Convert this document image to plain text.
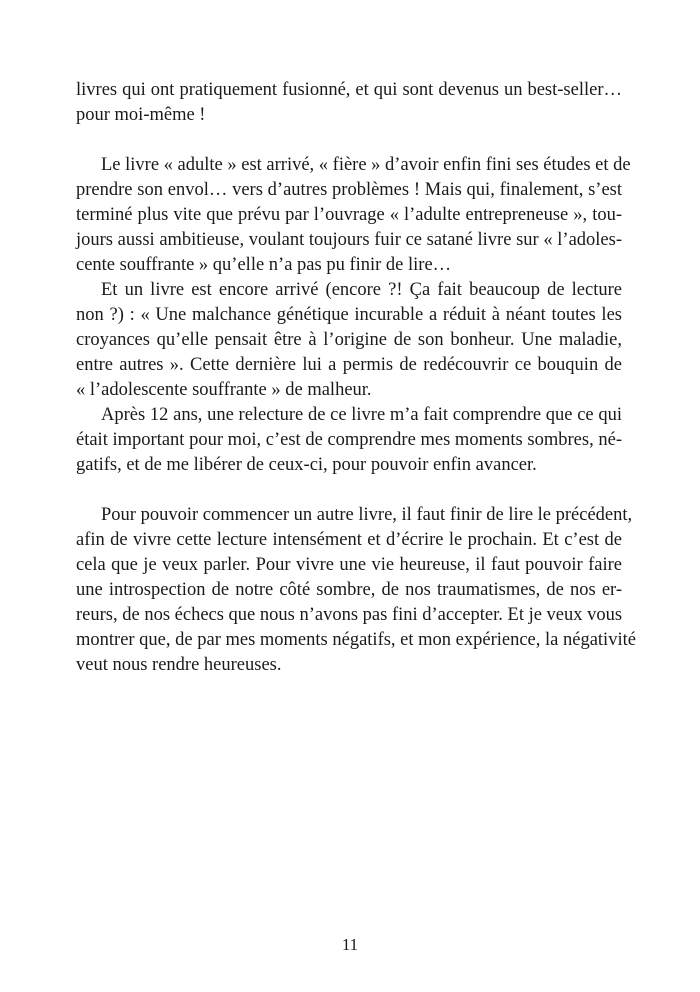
livres qui ont pratiquement fusionné, et qui sont devenus un best-seller…
pour moi-même !
Le livre « adulte » est arrivé, « fière » d’avoir enfin fini ses études et de
prendre son envol… vers d’autres problèmes ! Mais qui, finalement, s’est
terminé plus vite que prévu par l’ouvrage « l’adulte entrepreneuse », tou-
jours aussi ambitieuse, voulant toujours fuir ce satané livre sur « l’adoles-
cente souffrante » qu’elle n’a pas pu finir de lire…
Et un livre est encore arrivé (encore ?! Ça fait beaucoup de lecture
non ?) : « Une malchance génétique incurable a réduit à néant toutes les
croyances qu’elle pensait être à l’origine de son bonheur. Une maladie,
entre autres ». Cette dernière lui a permis de redécouvrir ce bouquin de
« l’adolescente souffrante » de malheur.
Après 12 ans, une relecture de ce livre m’a fait comprendre que ce qui
était important pour moi, c’est de comprendre mes moments sombres, né-
gatifs, et de me libérer de ceux-ci, pour pouvoir enfin avancer.
Pour pouvoir commencer un autre livre, il faut finir de lire le précédent,
afin de vivre cette lecture intensément et d’écrire le prochain. Et c’est de
cela que je veux parler. Pour vivre une vie heureuse, il faut pouvoir faire
une introspection de notre côté sombre, de nos traumatismes, de nos er-
reurs, de nos échecs que nous n’avons pas fini d’accepter. Et je veux vous
montrer que, de par mes moments négatifs, et mon expérience, la négativité
veut nous rendre heureuses.
11
